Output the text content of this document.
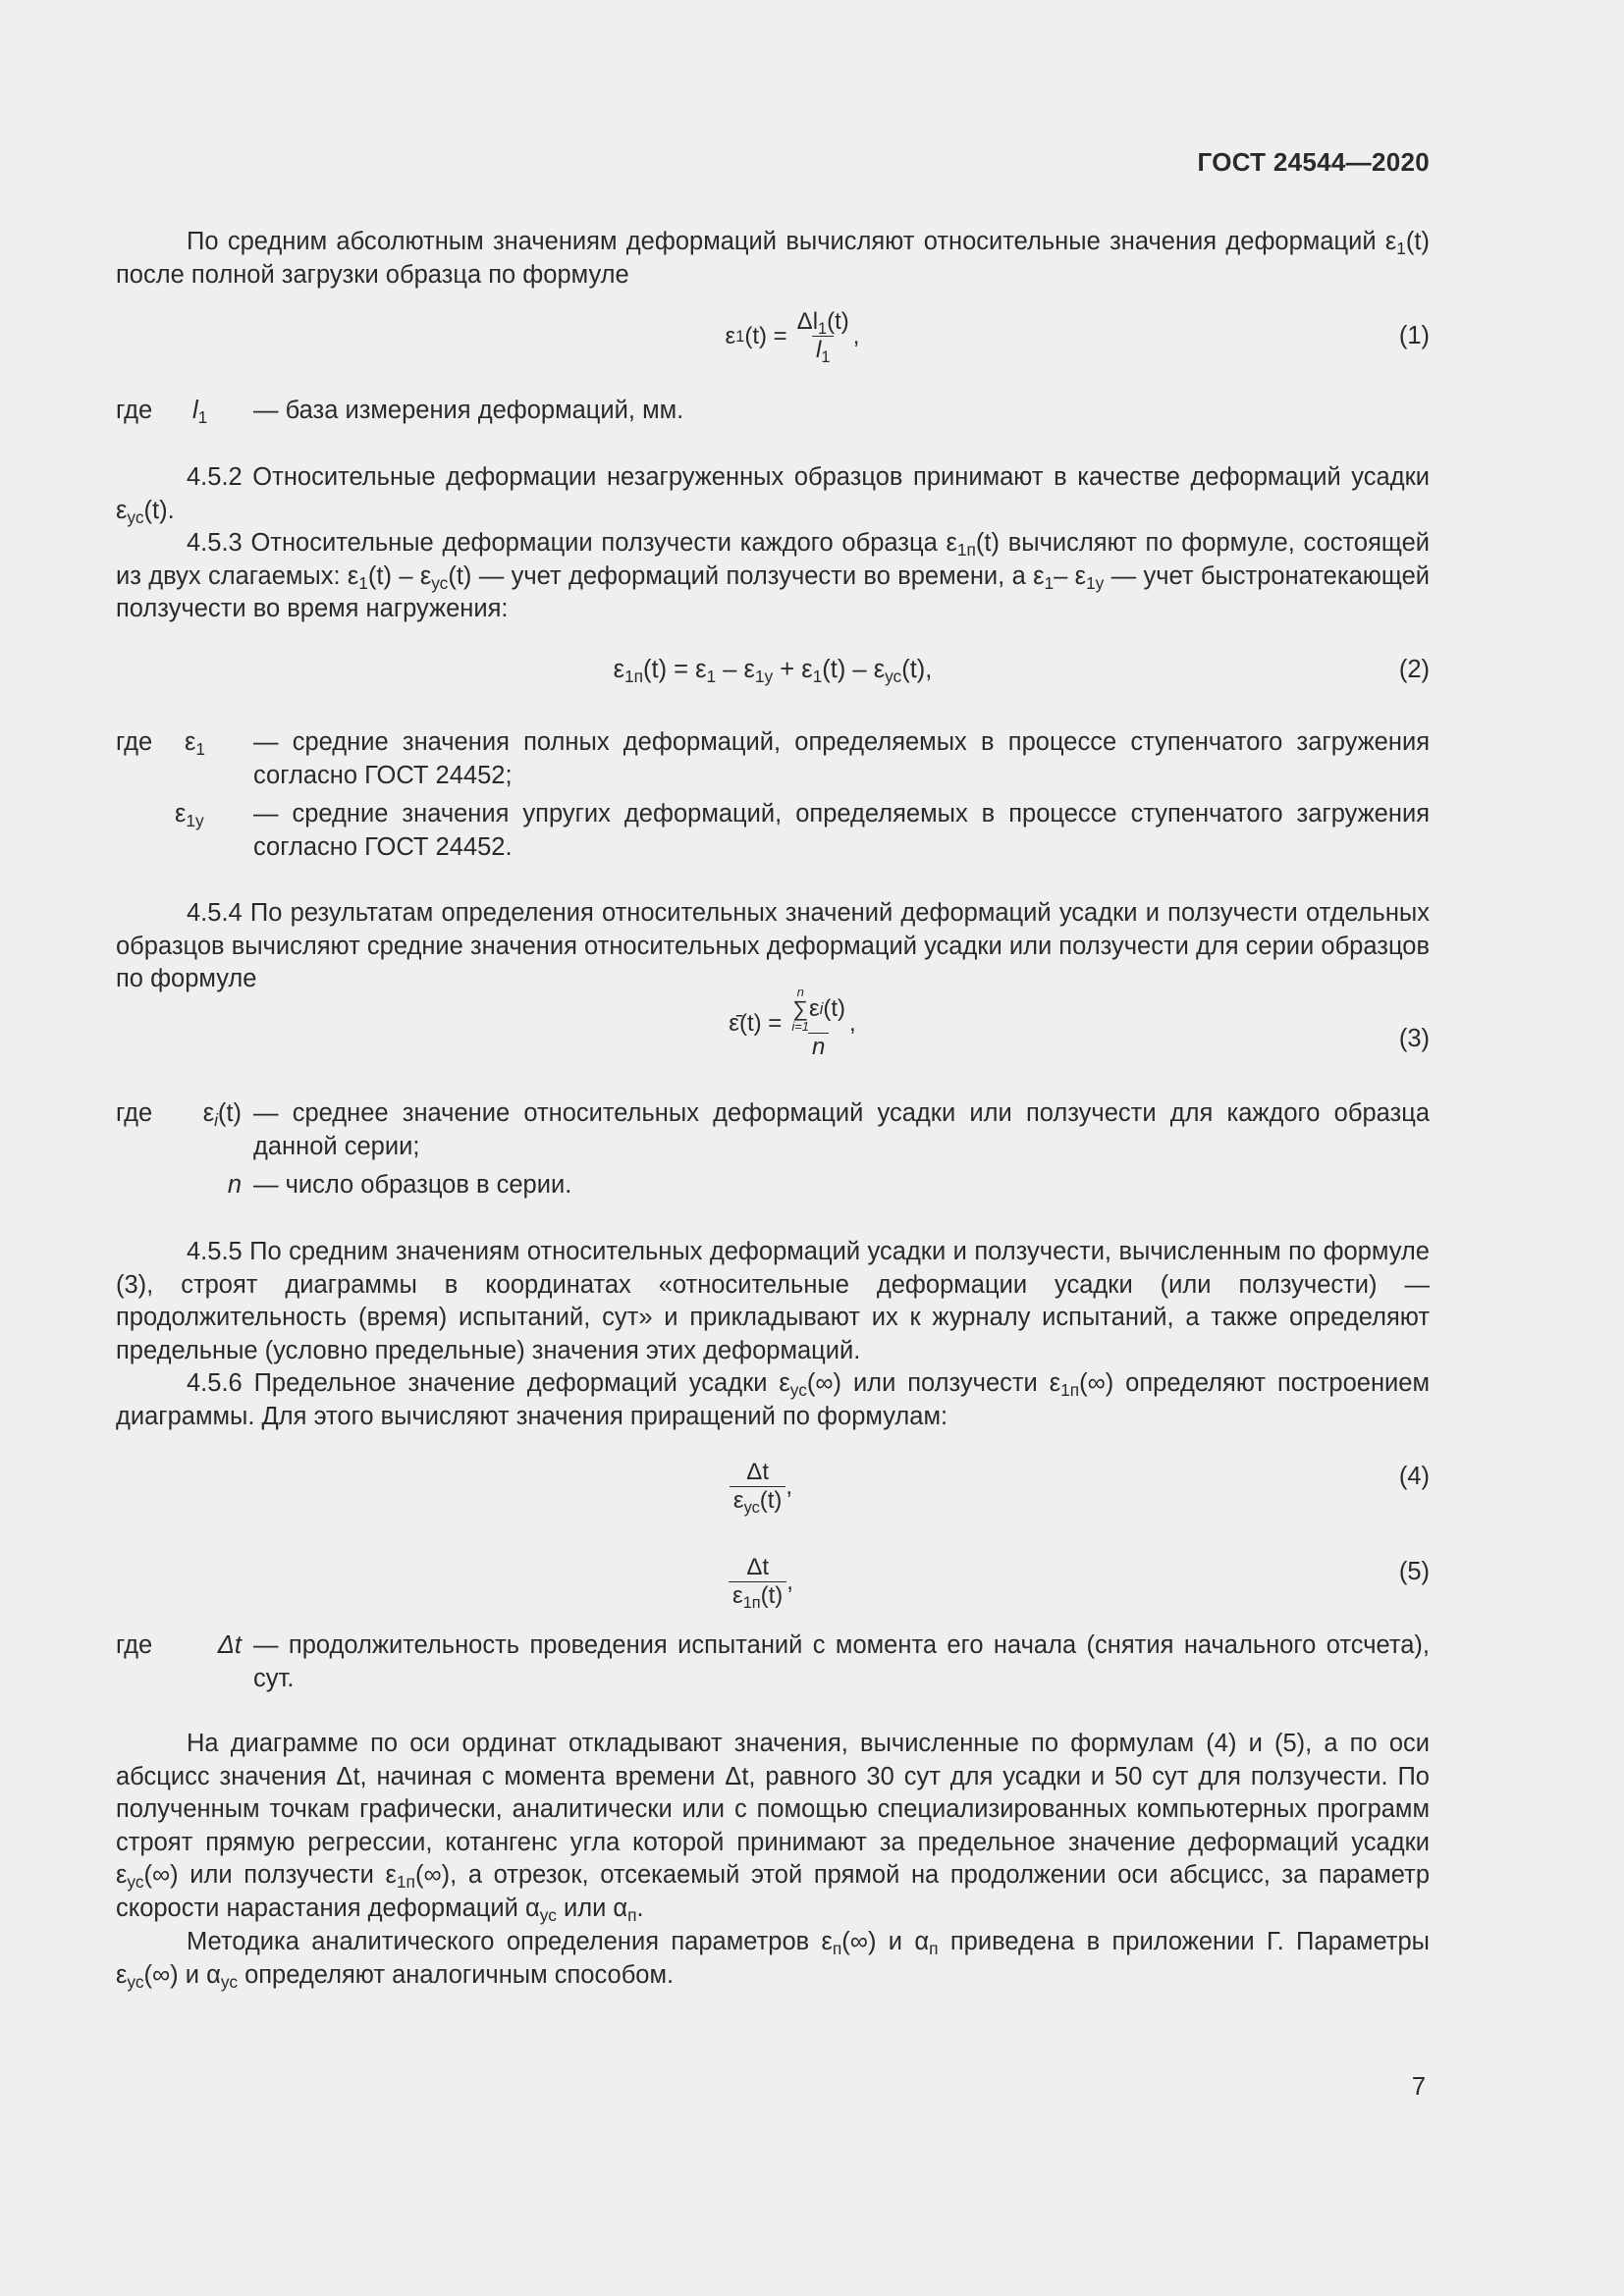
ГОСТ 24544—2020

По средним абсолютным значениям деформаций вычисляют относительные значения деформаций $\varepsilon_1(t)$ после полной загрузки образца по формуле

ε 1 $(t) = \frac{\Delta l_1(t)}{l_1}$ ,	(1)
где $l_1$	— база измерения деформаций, мм.

4.5.2 Относительные деформации незагруженных образцов принимают в качестве деформаций усадки $\varepsilon_{ус}(t)$.

4.5.3 Относительные деформации ползучести каждого образца $\varepsilon_{1п}(t)$ вычисляют по формуле, состоящей из двух слагаемых: $\varepsilon_1(t) - \varepsilon_{ус}(t)$ — учет деформаций ползучести во времени, а $\varepsilon_1-$ $\varepsilon_{1y}$ — учет быстронатекающей ползучести во время нагружения:

$\varepsilon_{1п}(t) = \varepsilon_1 - \varepsilon_{1y} + \varepsilon_1(t) - \varepsilon_{ус}(t)$,	(2)
где $\varepsilon_1$	— средние значения полных деформаций, определяемых в процессе ступенчатого загружения согласно ГОСТ 24452;
$\varepsilon_{1y}$	— средние значения упругих деформаций, определяемых в процессе ступенчатого загружения согласно ГОСТ 24452.

4.5.4 По результатам определения относительных значений деформаций усадки и ползучести отдельных образцов вычисляют средние значения относительных деформаций усадки или ползучести для серии образцов по формуле

ε̄(t) =
n
∑
i=1
ε i (t)
n
,
(3)
где	$\varepsilon_i(t)$ — среднее значение относительных деформаций усадки или ползучести для каждого образца данной серии;
n — число образцов в серии.

4.5.5 По средним значениям относительных деформаций усадки и ползучести, вычисленным по формуле (3), строят диаграммы в координатах «относительные деформации усадки (или ползучести) — продолжительность (время) испытаний, сут» и прикладывают их к журналу испытаний, а также определяют предельные (условно предельные) значения этих деформаций.

4.5.6 Предельное значение деформаций усадки $\varepsilon_{ус}(\infty)$ или ползучести $\varepsilon_{1п}(\infty)$ определяют построением диаграммы. Для этого вычисляют значения приращений по формулам:

$\frac{\Delta t}{\varepsilon_{ус}(t)}$ ,	(4)
$\frac{\Delta t}{\varepsilon_{1п}(t)}$ ,	(5)
где	Δt — продолжительность проведения испытаний с момента его начала (снятия начального отсчета), сут.

На диаграмме по оси ординат откладывают значения, вычисленные по формулам (4) и (5), а по оси абсцисс значения Δt, начиная с момента времени Δt, равного 30 сут для усадки и 50 сут для ползучести. По полученным точкам графически, аналитически или с помощью специализированных компьютерных программ строят прямую регрессии, котангенс угла которой принимают за предельное значение деформаций усадки $\varepsilon_{ус}(\infty)$ или ползучести $\varepsilon_{1п}(\infty)$, а отрезок, отсекаемый этой прямой на продолжении оси абсцисс, за параметр скорости нарастания деформаций $\alpha_{ус}$ или $\alpha_п$.

Методика аналитического определения параметров $\varepsilon_п(\infty)$ и $\alpha_п$ приведена в приложении Г. Параметры $\varepsilon_{ус}(\infty)$ и $\alpha_{ус}$ определяют аналогичным способом.

7
